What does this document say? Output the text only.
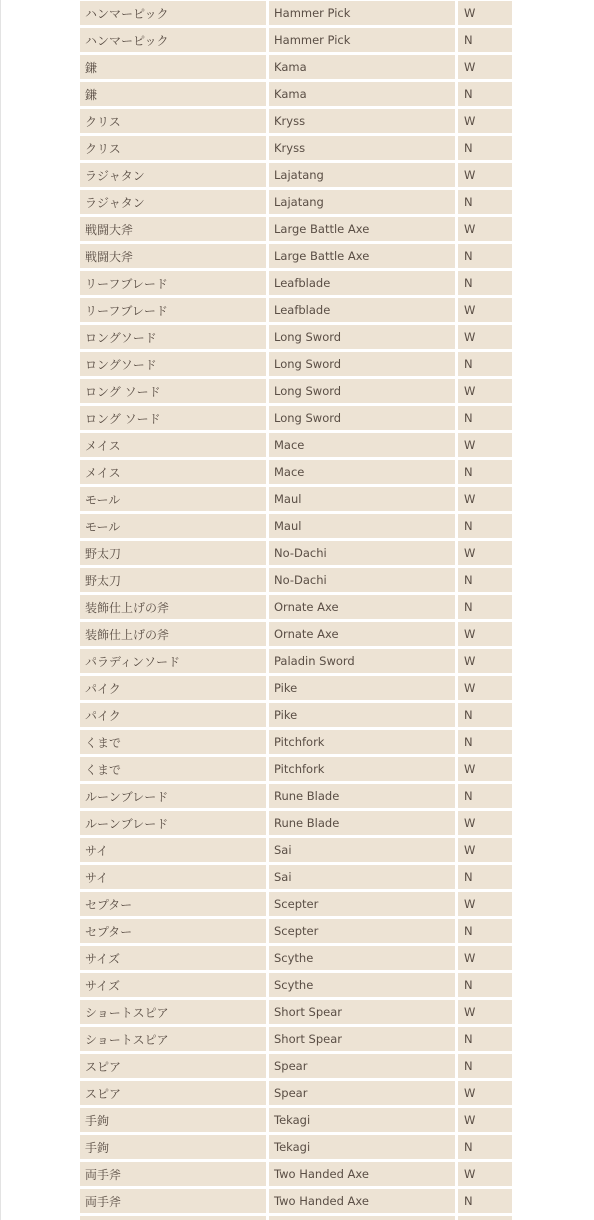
ハンマーピック	Hammer Pick	W
ハンマーピック	Hammer Pick	N
鎌	Kama	W
鎌	Kama	N
クリス	Kryss	W
クリス	Kryss	N
ラジャタン	Lajatang	W
ラジャタン	Lajatang	N
戦闘大斧	Large Battle Axe	W
戦闘大斧	Large Battle Axe	N
リーフブレード	Leafblade	N
リーフブレード	Leafblade	W
ロングソード	Long Sword	W
ロングソード	Long Sword	N
ロング ソード	Long Sword	W
ロング ソード	Long Sword	N
メイス	Mace	W
メイス	Mace	N
モール	Maul	W
モール	Maul	N
野太刀	No-Dachi	W
野太刀	No-Dachi	N
装飾仕上げの斧	Ornate Axe	N
装飾仕上げの斧	Ornate Axe	W
パラディンソード	Paladin Sword	W
パイク	Pike	W
パイク	Pike	N
くまで	Pitchfork	N
くまで	Pitchfork	W
ルーンブレード	Rune Blade	N
ルーンブレード	Rune Blade	W
サイ	Sai	W
サイ	Sai	N
セプター	Scepter	W
セプター	Scepter	N
サイズ	Scythe	W
サイズ	Scythe	N
ショートスピア	Short Spear	W
ショートスピア	Short Spear	N
スピア	Spear	N
スピア	Spear	W
手鉤	Tekagi	W
手鉤	Tekagi	N
両手斧	Two Handed Axe	W
両手斧	Two Handed Axe	N
